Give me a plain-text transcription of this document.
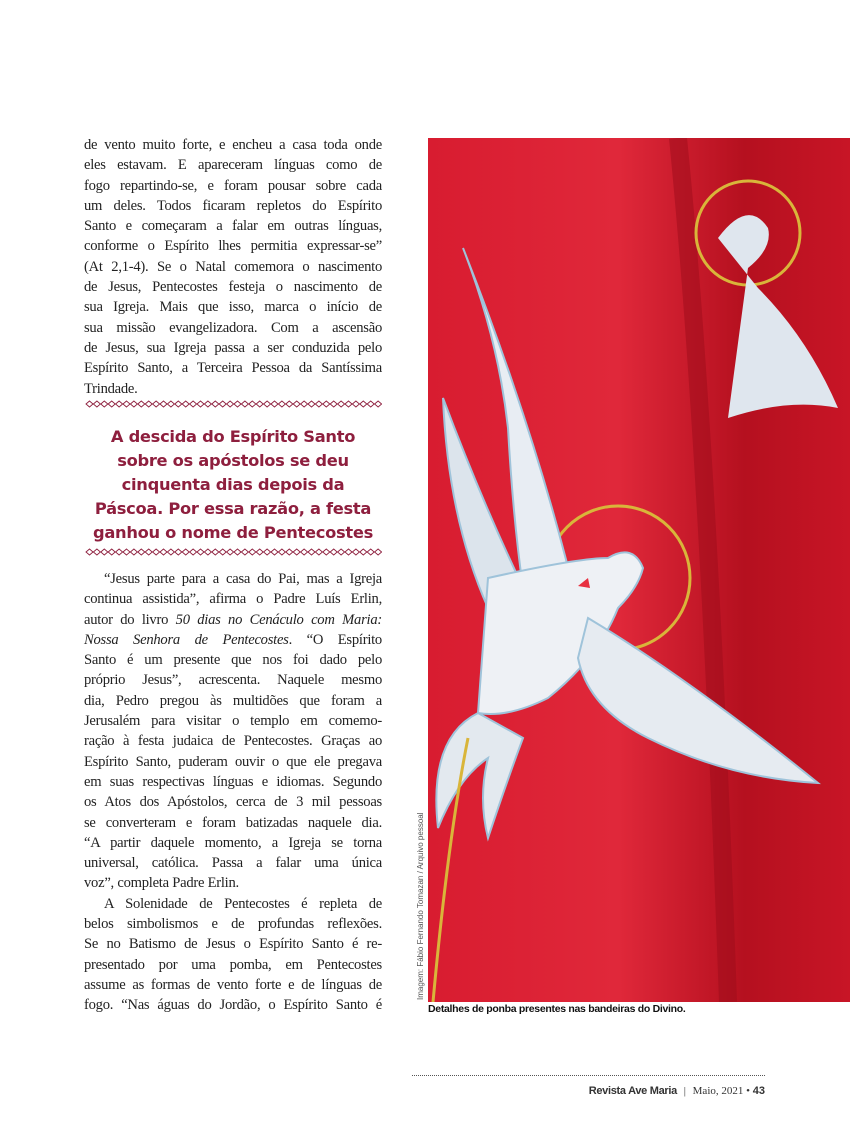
de vento muito forte, e encheu a casa toda onde
eles estavam. E apareceram línguas como de
fogo repartindo-se, e foram pousar sobre cada
um deles. Todos ficaram repletos do Espírito
Santo e começaram a falar em outras línguas,
conforme o Espírito lhes permitia expressar-se”
(At 2,1-4). Se o Natal comemora o nascimento
de Jesus, Pentecostes festeja o nascimento de
sua Igreja. Mais que isso, marca o início de
sua missão evangelizadora. Com a ascensão
de Jesus, sua Igreja passa a ser conduzida pelo
Espírito Santo, a Terceira Pessoa da Santíssima
Trindade.
A descida do Espírito Santo
sobre os apóstolos se deu
cinquenta dias depois da
Páscoa. Por essa razão, a festa
ganhou o nome de Pentecostes
“Jesus parte para a casa do Pai, mas a Igreja
continua assistida”, afirma o Padre Luís Erlin,
autor do livro 50 dias no Cenáculo com Maria:
Nossa Senhora de Pentecostes. “O Espírito
Santo é um presente que nos foi dado pelo
próprio Jesus”, acrescenta. Naquele mesmo
dia, Pedro pregou às multidões que foram a
Jerusalém para visitar o templo em comemo-
ração à festa judaica de Pentecostes. Graças ao
Espírito Santo, puderam ouvir o que ele pregava
em suas respectivas línguas e idiomas. Segundo
os Atos dos Apóstolos, cerca de 3 mil pessoas
se converteram e foram batizadas naquele dia.
“A partir daquele momento, a Igreja se torna
universal, católica. Passa a falar uma única
voz”, completa Padre Erlin.
A Solenidade de Pentecostes é repleta de
belos simbolismos e de profundas reflexões.
Se no Batismo de Jesus o Espírito Santo é re-
presentado por uma pomba, em Pentecostes
assume as formas de vento forte e de línguas de
fogo. “Nas águas do Jordão, o Espírito Santo é
Imagem: Fábio Fernando Tomazan / Arquivo pessoal
Detalhes de ponba presentes nas bandeiras do Divino.
Revista Ave Maria | Maio, 2021 • 43
